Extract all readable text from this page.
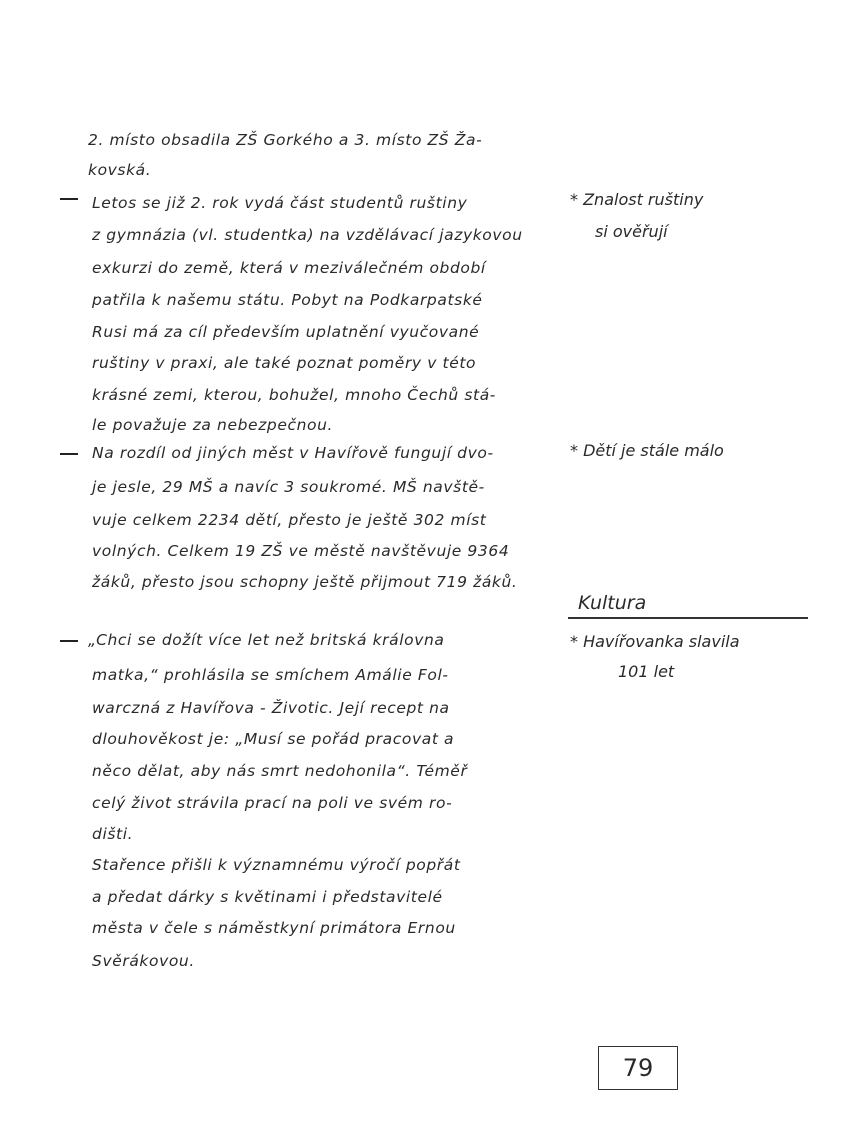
2. místo obsadila ZŠ Gorkého a 3. místo ZŠ Ža-
kovská.
Letos se již 2. rok vydá část studentů ruštiny
z gymnázia (vl. studentka) na vzdělávací jazykovou
exkurzi do země, která v meziválečném období
patřila k našemu státu. Pobyt na Podkarpatské
Rusi má za cíl především uplatnění vyučované
ruštiny v praxi, ale také poznat poměry v této
krásné zemi, kterou, bohužel, mnoho Čechů stá-
le považuje za nebezpečnou.
Na rozdíl od jiných měst v Havířově fungují dvo-
je jesle, 29 MŠ a navíc 3 soukromé. MŠ navště-
vuje celkem 2234 dětí, přesto je ještě 302 míst
volných. Celkem 19 ZŠ ve městě navštěvuje 9364
žáků, přesto jsou schopny ještě přijmout 719 žáků.
Kultura
„Chci se dožít více let než britská královna
matka,“ prohlásila se smíchem Amálie Fol-
warczná z Havířova - Životic. Její recept na
dlouhověkost je: „Musí se pořád pracovat a
něco dělat, aby nás smrt nedohonila“. Téměř
celý život strávila prací na poli ve svém ro-
dišti.
Stařence přišli k významnému výročí popřát
a předat dárky s květinami i představitelé
města v čele s náměstkyní primátora Ernou
Svěrákovou.
* Znalost ruštiny
si ověřují
* Dětí je stále málo
* Havířovanka slavila
101 let
79
